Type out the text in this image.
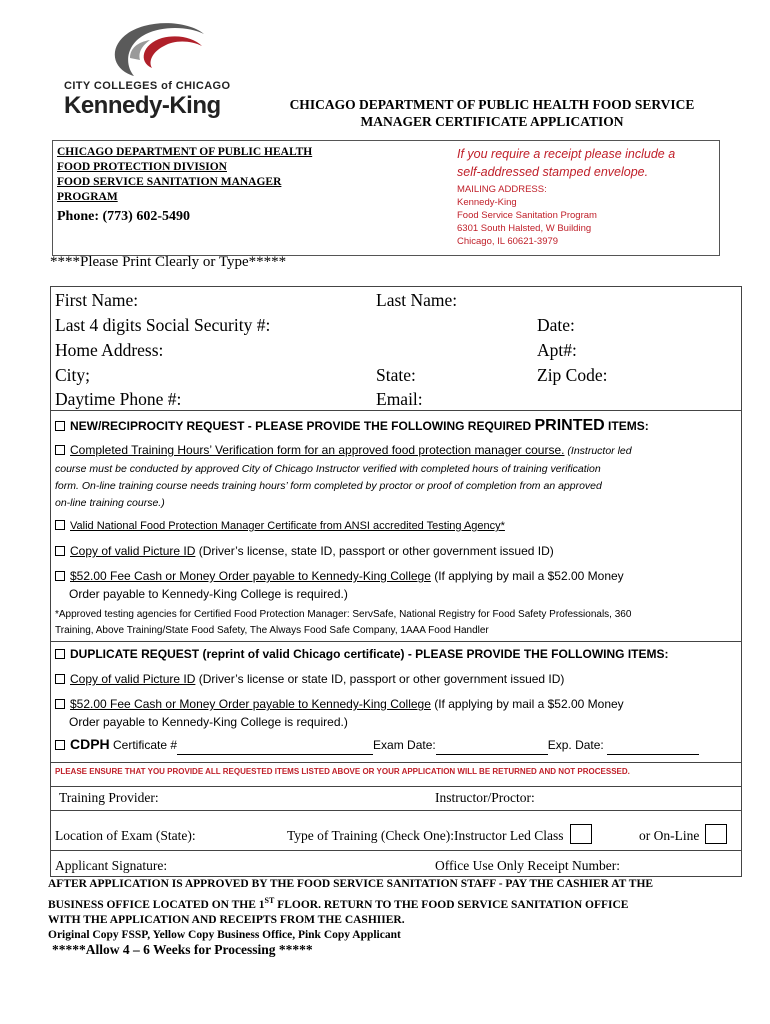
CITY COLLEGES of CHICAGO
Kennedy-King	CHICAGO DEPARTMENT OF PUBLIC HEALTH FOOD SERVICE
MANAGER CERTIFICATE APPLICATION
CHICAGO DEPARTMENT OF PUBLIC HEALTH
FOOD PROTECTION DIVISION
FOOD SERVICE SANITATION MANAGER
PROGRAM
Phone: (773) 602-5490
If you require a receipt please include a
self-addressed stamped envelope.
MAILING ADDRESS:
Kennedy-King
Food Service Sanitation Program
6301 South Halsted, W Building
Chicago, IL 60621-3979
****Please Print Clearly or Type*****
First Name:	Last Name:
Last 4 digits Social Security #:	Date:
Home Address:	Apt#:
City;	State:	Zip Code:
Daytime Phone #:	Email:
NEW/RECIPROCITY REQUEST - PLEASE PROVIDE THE FOLLOWING REQUIRED PRINTED ITEMS:
Completed Training Hours’ Verification form for an approved food protection manager course. (Instructor led
course must be conducted by approved City of Chicago Instructor verified with completed hours of training verification
form. On-line training course needs training hours’ form completed by proctor or proof of completion from an approved
on-line training course.)
Valid National Food Protection Manager Certificate from ANSI accredited Testing Agency*
Copy of valid Picture ID (Driver’s license, state ID, passport or other government issued ID)
$52.00 Fee Cash or Money Order payable to Kennedy-King College (If applying by mail a $52.00 Money
Order payable to Kennedy-King College is required.)
*Approved testing agencies for Certified Food Protection Manager: ServSafe, National Registry for Food Safety Professionals, 360
Training, Above Training/State Food Safety, The Always Food Safe Company, 1AAA Food Handler
DUPLICATE REQUEST (reprint of valid Chicago certificate) - PLEASE PROVIDE THE FOLLOWING ITEMS:
Copy of valid Picture ID (Driver’s license or state ID, passport or other government issued ID)
$52.00 Fee Cash or Money Order payable to Kennedy-King College (If applying by mail a $52.00 Money
Order payable to Kennedy-King College is required.)
CDPH Certificate #	Exam Date:	Exp. Date:
PLEASE ENSURE THAT YOU PROVIDE ALL REQUESTED ITEMS LISTED ABOVE OR YOUR APPLICATION WILL BE RETURNED AND NOT PROCESSED.
Training Provider:	Instructor/Proctor:
Location of Exam (State):	Type of Training (Check One):Instructor Led Class	or On-Line
Applicant Signature:	Office Use Only Receipt Number:
AFTER APPLICATION IS APPROVED BY THE FOOD SERVICE SANITATION STAFF - PAY THE CASHIER AT THE
BUSINESS OFFICE LOCATED ON THE 1ST FLOOR. RETURN TO THE FOOD SERVICE SANITATION OFFICE
WITH THE APPLICATION AND RECEIPTS FROM THE CASHIIER.
Original Copy FSSP, Yellow Copy Business Office, Pink Copy Applicant
*****Allow 4 – 6 Weeks for Processing *****
